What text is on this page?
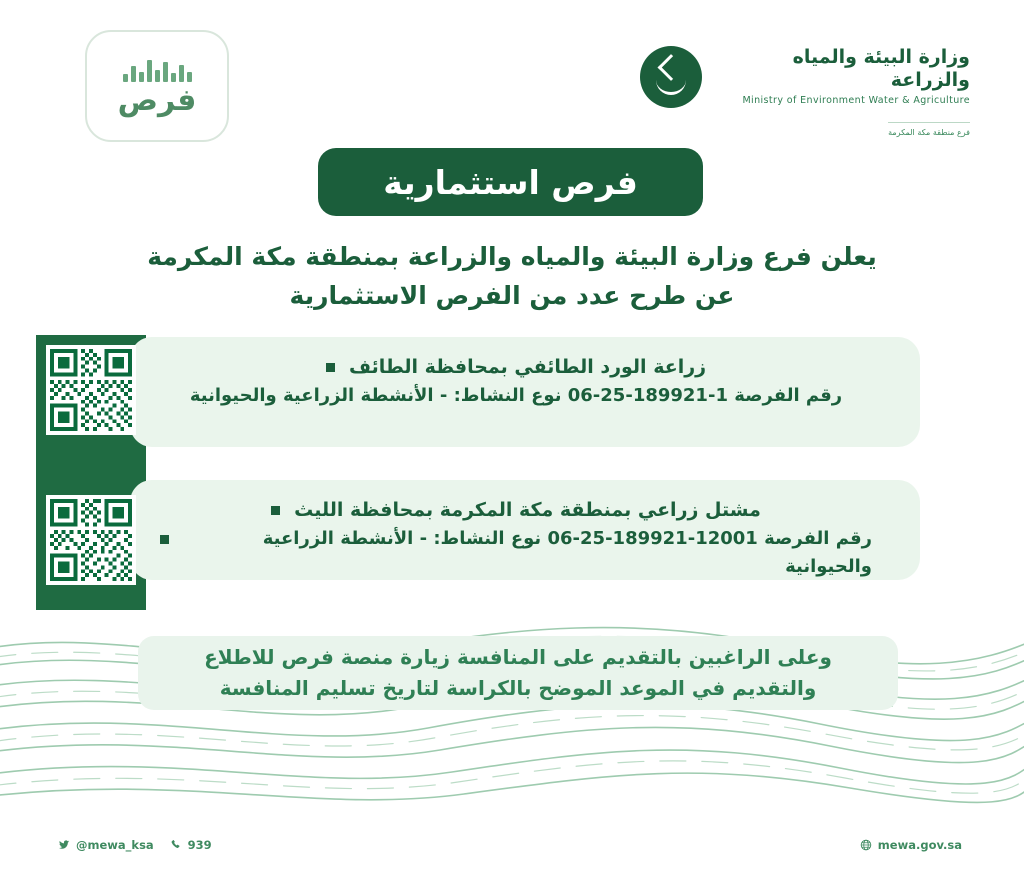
فرص
وزارة البيئة والمياه والزراعة
Ministry of Environment Water & Agriculture
فرع منطقة مكة المكرمة
فرص استثمارية
يعلن فرع وزارة البيئة والمياه والزراعة بمنطقة مكة المكرمة
عن طرح عدد من الفرص الاستثمارية
زراعة الورد الطائفي بمحافظة الطائف
رقم الفرصة 1-189921-25-06 نوع النشاط: - الأنشطة الزراعية والحيوانية
مشتل زراعي بمنطقة مكة المكرمة بمحافظة الليث
رقم الفرصة 12001-189921-25-06 نوع النشاط: - الأنشطة الزراعية والحيوانية
وعلى الراغبين بالتقديم على المنافسة زيارة منصة فرص للاطلاع
والتقديم في الموعد الموضح بالكراسة لتاريخ تسليم المنافسة
@mewa_ksa	939	mewa.gov.sa
